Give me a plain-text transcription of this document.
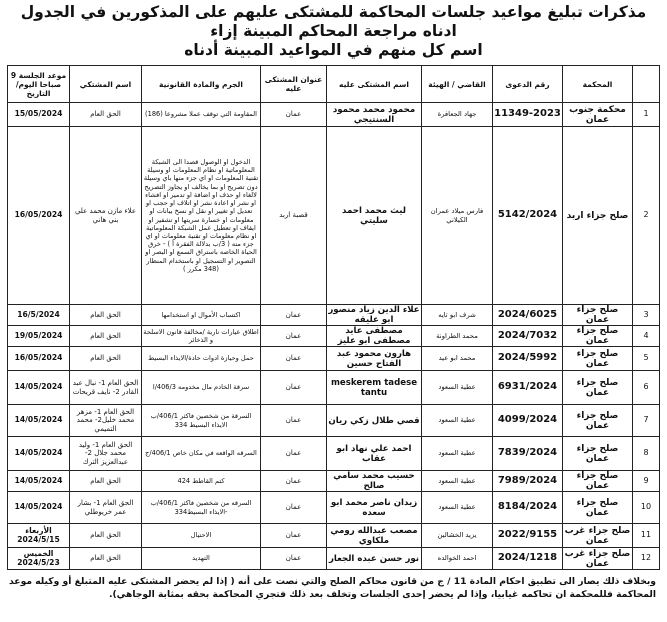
مذكرات تبليغ مواعيد جلسات المحاكمة للمشتكى عليهم على المذكورين في الجدول ادناه مراجعة المحاكم المبينة إزاء
اسم كل منهم في المواعيد المبينة أدناه
	المحكمة	رقم الدعوى	القاضي / الهيئة	اسم المشتكى عليه	عنوان المشتكى عليه	الجرم والمادة القانونية	اسم المشتكي	موعد الجلسة 9 صباحا اليوم/التاريخ
1	محكمة جنوب عمان	11349-2023	جهاد الجعافرة	محمود محمد محمود السنتيجي	عمان	المقاومة التي توقف عملا مشروعا (186)	الحق العام	15/05/2024
2	صلح جزاء اربد	5142/2024	فارس ميلاد عمران الكيلاني	ليث محمد احمد سليتي	قصبة اربد	الدخول او الوصول قصدا الى الشبكة المعلوماتية او نظام المعلومات او وسيلة تقنية المعلومات او اي جزء منها باي وسيلة دون تصريح او بما يخالف او يجاوز التصريح لالغاء او حذف او اضافة او تدمير او افشاء او نشر او اعادة نشر او اتلاف او حجب او تعديل او تغيير او نقل او نسخ بيانات او معلومات او خسارة سريتها او تشفير او ايقاف او تعطيل عمل الشبكة المعلوماتية او نظام معلومات او تقنية معلومات او اي جزء منه ( 3/ب بدلالة الفقرة أ ) - خرق الحياة الخاصه باستراق السمع او البصر او التصوير او التسجيل او باستخدام المنظار (348 مكرر )	علاء مازن محمد علي بني هاني	16/05/2024
3	صلح جزاء عمان	2024/6025	شرف ابو تايه	علاء الدين زياد منصور ابو عليقه	عمان	اكتساب الأموال او استخدامها	الحق العام	16/5/2024
4	صلح جزاء عمان	2024/7032	محمد الطراونة	مصطفى عايد مصطفى ابو عليز	عمان	اطلاق عيارات نارية /مخالفة قانون الاسلحة و الذخائر	الحق العام	19/05/2024
5	صلح جزاء عمان	2024/5992	محمد ابو عيد	هارون محمود عبد الفتاح حسين	عمان	حمل وحيازة ادوات حادة/الايذاء البسيط	الحق العام	16/05/2024
6	صلح جزاء عمان	6931/2024	عطية السعود	meskerem tadese tantu	عمان	سرقة الخادم مال مخدومه 406/3/ا	الحق العام 1- نبال عبد القادر 2- نايف قريحات	14/05/2024
7	صلح جزاء عمان	4099/2024	عطية السعود	قصي طلال زكي ريان	عمان	السرقة من شخصين فاكثر 406/1/ب الايذاء البسيط 334	الحق العام 1- مزهر محمد خليل2- محمد التميمي	14/05/2024
8	صلح جزاء عمان	7839/2024	عطية السعود	احمد علي نهاد ابو عقاب	عمان	السرقه الواقعه في مكان خاص 406/1/ج	الحق العام 1- وليد محمد جلال 2- عبدالعزيز الترك	14/05/2024
9	صلح جزاء عمان	7989/2024	عطية السعود	حسيب محمد سامي صالح	عمان	كتم القاطط 424	الحق العام	14/05/2024
10	صلح جزاء عمان	8184/2024	عطية السعود	زيدان ناصر محمد ابو سعده	عمان	السرقه من شخصين فاكثر 406/1/ب -الايذاء البسيط334	الحق العام 1- بشار عمر خريوطلي	14/05/2024
11	صلح جزاء غرب عمان	2022/9155	يزيد الخشالين	مصعب عبدالله رومي ملكاوي	عمان	الاحتيال	الحق العام	الأربعاء 2024/5/15
12	صلح جزاء غرب عمان	2024/1218	احمد الخوالده	نور حسن عبده الجعار	عمان	التهديد	الحق العام	الخميس 2024/5/23
وبخلاف ذلك يصار الى تطبيق احكام المادة 11 / ج من قانون محاكم الصلح والتي نصت على أنه ( إذا لم يحضر المشتكى عليه المتبلغ أو وكيله موعد المحاكمة فللمحكمة ان تحاكمه غيابيا، وإذا لم يحضر إحدى الجلسات وتخلف بعد ذلك فتجري المحاكمة بحقه بمثابة الوجاهي).
